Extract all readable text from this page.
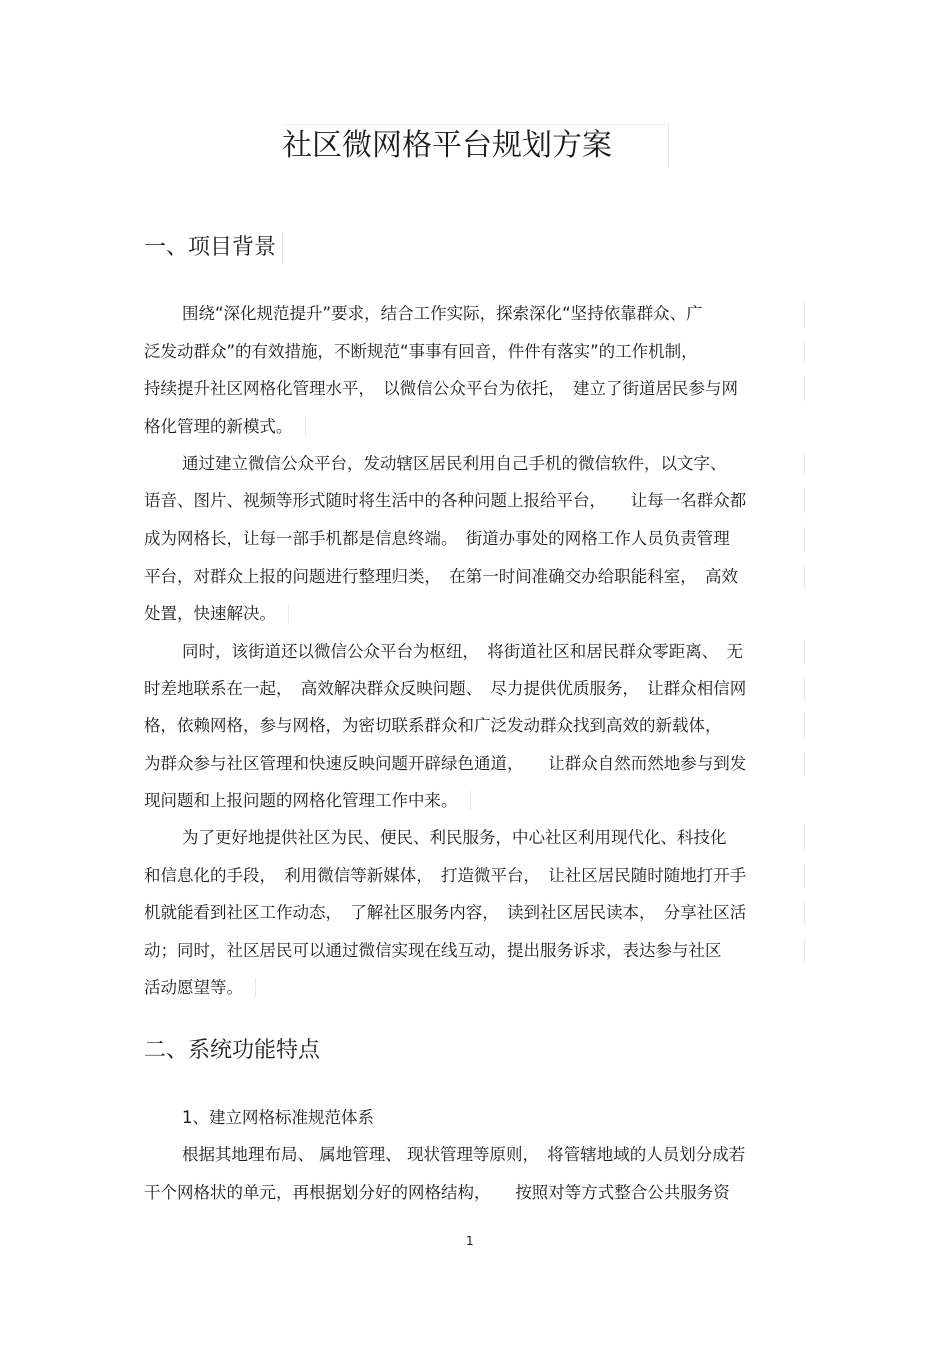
社区微网格平台规划方案
一、项目背景
围绕“深化规范提升”要求，结合工作实际，探索深化“坚持依靠群众、广
泛发动群众”的有效措施，不断规范“事事有回音，件件有落实”的工作机制，
持续提升社区网格化管理水平，　以微信公众平台为依托，　建立了街道居民参与网
格化管理的新模式。
通过建立微信公众平台，发动辖区居民利用自己手机的微信软件，以文字、
语音、图片、视频等形式随时将生活中的各种问题上报给平台，　　让每一名群众都
成为网格长，让每一部手机都是信息终端。　街道办事处的网格工作人员负责管理
平台，对群众上报的问题进行整理归类，　在第一时间准确交办给职能科室，　高效
处置，快速解决。
同时，该街道还以微信公众平台为枢纽，　将街道社区和居民群众零距离、　无
时差地联系在一起，　高效解决群众反映问题、　尽力提供优质服务，　让群众相信网
格，依赖网格，参与网格，为密切联系群众和广泛发动群众找到高效的新载体，
为群众参与社区管理和快速反映问题开辟绿色通道，　　让群众自然而然地参与到发
现问题和上报问题的网格化管理工作中来。
为了更好地提供社区为民、便民、利民服务，中心社区利用现代化、科技化
和信息化的手段，　利用微信等新媒体，　打造微平台，　让社区居民随时随地打开手
机就能看到社区工作动态，　了解社区服务内容，　读到社区居民读本，　分享社区活
动；同时，社区居民可以通过微信实现在线互动，提出服务诉求，表达参与社区
活动愿望等。
二、系统功能特点
1、建立网格标准规范体系
根据其地理布局、 属地管理、 现状管理等原则，　将管辖地域的人员划分成若
干个网格状的单元，再根据划分好的网格结构，　　按照对等方式整合公共服务资
1
